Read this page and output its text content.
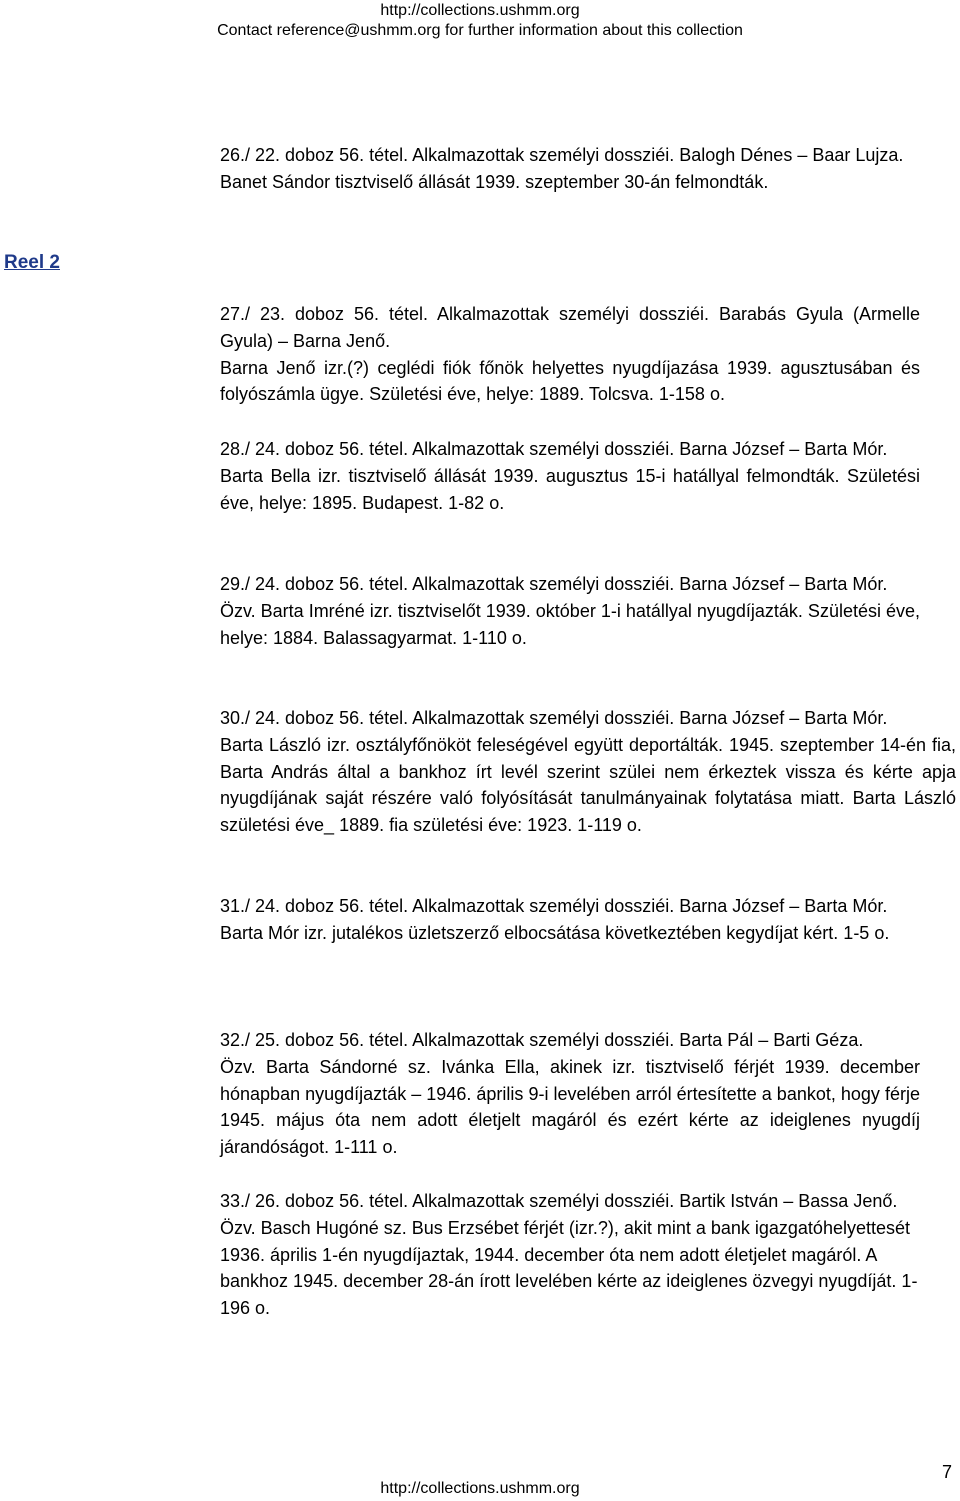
http://collections.ushmm.org
Contact reference@ushmm.org for further information about this collection
Reel 2

26./ 22. doboz 56. tétel. Alkalmazottak személyi dossziéi. Balogh Dénes – Baar Lujza.

Banet Sándor tisztviselő állását 1939. szeptember 30-án felmondták.

27./ 23. doboz 56. tétel. Alkalmazottak személyi dossziéi. Barabás Gyula (Armelle Gyula) – Barna Jenő.

Barna Jenő izr.(?) ceglédi fiók főnök helyettes nyugdíjazása 1939. agusztusában és folyószámla ügye. Születési éve, helye: 1889. Tolcsva. 1-158 o.

28./ 24. doboz 56. tétel. Alkalmazottak személyi dossziéi. Barna József – Barta Mór.

Barta Bella izr. tisztviselő állását 1939. augusztus 15-i hatállyal felmondták. Születési éve, helye: 1895. Budapest. 1-82 o.

29./ 24. doboz 56. tétel. Alkalmazottak személyi dossziéi. Barna József – Barta Mór.

Özv. Barta Imréné izr. tisztviselőt 1939. október 1-i hatállyal nyugdíjazták. Születési éve, helye: 1884. Balassagyarmat. 1-110 o.

30./ 24. doboz 56. tétel. Alkalmazottak személyi dossziéi. Barna József – Barta Mór.

Barta László izr. osztályfőnököt feleségével együtt deportálták. 1945. szeptember 14-én fia, Barta András által a bankhoz írt levél szerint szülei nem érkeztek vissza és kérte apja nyugdíjának saját részére való folyósítását tanulmányainak folytatása miatt. Barta László születési éve_ 1889. fia születési éve: 1923. 1-119 o.

31./ 24. doboz 56. tétel. Alkalmazottak személyi dossziéi. Barna József – Barta Mór.

Barta Mór izr. jutalékos üzletszerző elbocsátása következtében kegydíjat kért. 1-5 o.

32./ 25. doboz 56. tétel. Alkalmazottak személyi dossziéi. Barta Pál – Barti Géza.

Özv. Barta Sándorné sz. Ivánka Ella, akinek izr. tisztviselő férjét 1939. december hónapban nyugdíjazták – 1946. április 9-i levelében arról értesítette a bankot, hogy férje 1945. május óta nem adott életjelt magáról és ezért kérte az ideiglenes nyugdíj járandóságot. 1-111 o.

33./ 26. doboz 56. tétel. Alkalmazottak személyi dossziéi. Bartik István – Bassa Jenő.

Özv. Basch Hugóné sz. Bus Erzsébet férjét (izr.?), akit mint a bank igazgatóhelyettesét 1936. április 1-én nyugdíjaztak, 1944. december óta nem adott életjelet magáról. A bankhoz 1945. december 28-án írott levelében kérte az ideiglenes özvegyi nyugdíját. 1-196 o.

7
http://collections.ushmm.org
